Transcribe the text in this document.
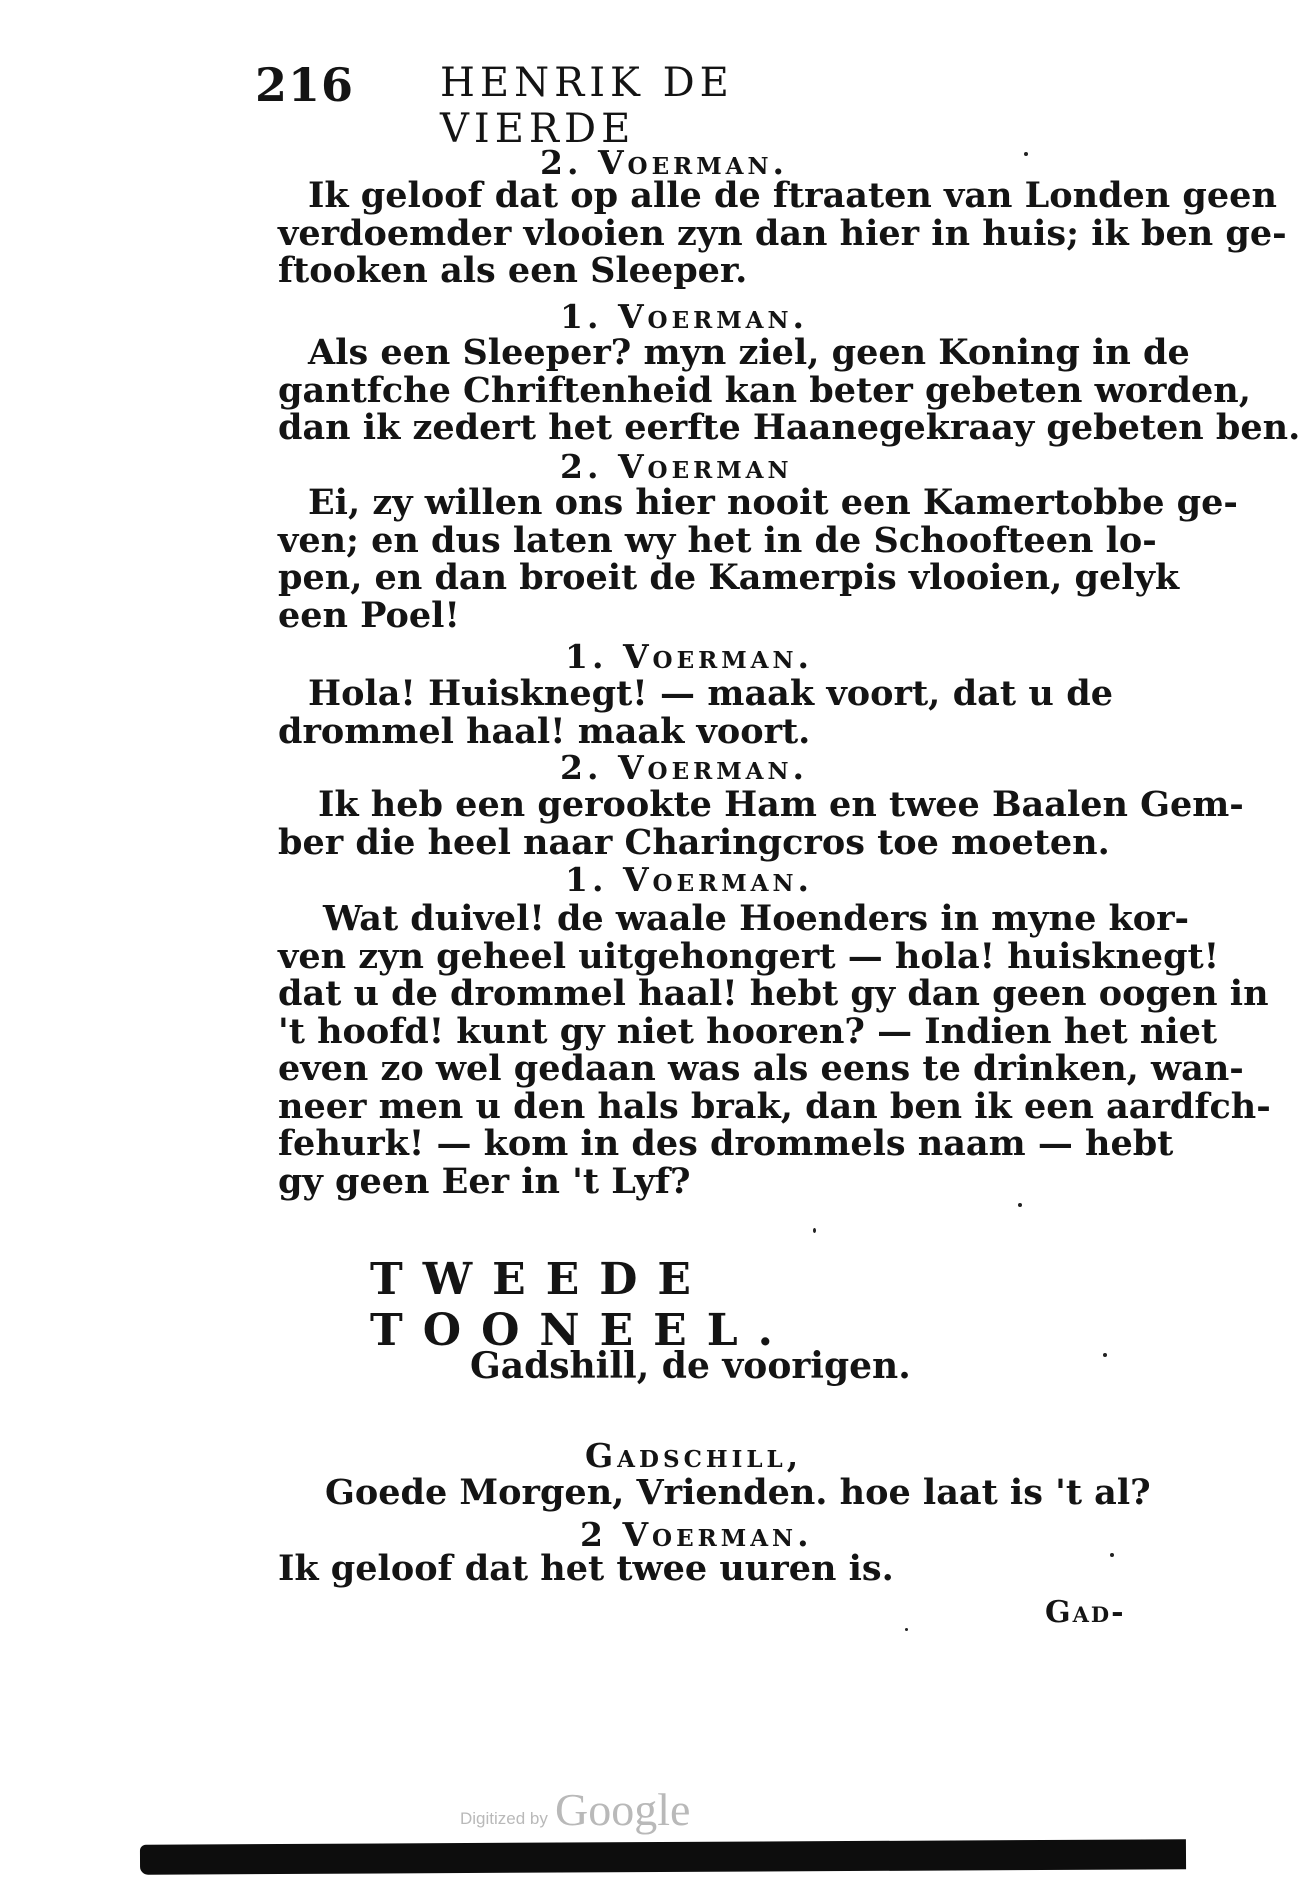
216 HENRIK DE VIERDE
2. Voerman.
Ik geloof dat op alle de ftraaten van Londen geen
verdoemder vlooien zyn dan hier in huis; ik ben ge-
ftooken als een Sleeper.
1. Voerman.
Als een Sleeper? myn ziel, geen Koning in de
gantfche Chriftenheid kan beter gebeten worden,
dan ik zedert het eerfte Haanegekraay gebeten ben.
2. Voerman
Ei, zy willen ons hier nooit een Kamertobbe ge-
ven; en dus laten wy het in de Schoofteen lo-
pen, en dan broeit de Kamerpis vlooien, gelyk
een Poel!
1. Voerman.
Hola! Huisknegt! — maak voort, dat u de
drommel haal! maak voort.
2. Voerman.
Ik heb een gerookte Ham en twee Baalen Gem-
ber die heel naar Charingcros toe moeten.
1. Voerman.
Wat duivel! de waale Hoenders in myne kor-
ven zyn geheel uitgehongert — hola! huisknegt!
dat u de drommel haal! hebt gy dan geen oogen in
't hoofd! kunt gy niet hooren? — Indien het niet
even zo wel gedaan was als eens te drinken, wan-
neer men u den hals brak, dan ben ik een aardfch-
fehurk! — kom in des drommels naam — hebt
gy geen Eer in 't Lyf?
TWEEDE TOONEEL.
Gadshill, de voorigen.
Gadschill,
Goede Morgen, Vrienden. hoe laat is 't al?
2 Voerman.
Ik geloof dat het twee uuren is.
Gad-
Digitized by Google
